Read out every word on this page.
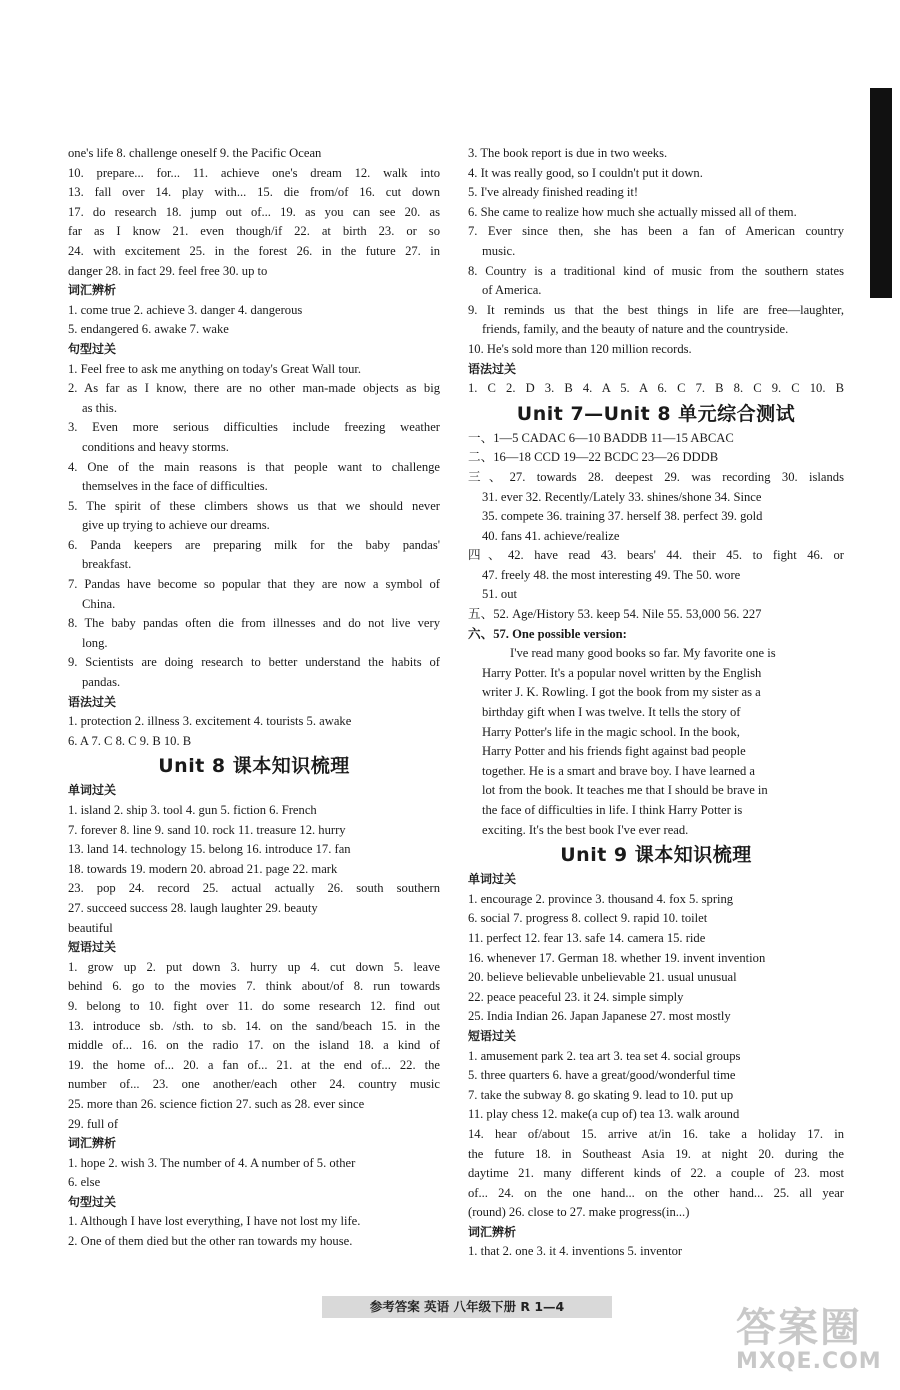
one's life 8. challenge oneself 9. the Pacific Ocean
10. prepare... for... 11. achieve one's dream 12. walk into
13. fall over 14. play with... 15. die from/of 16. cut down
17. do research 18. jump out of... 19. as you can see 20. as
far as I know 21. even though/if 22. at birth 23. or so
24. with excitement 25. in the forest 26. in the future 27. in
danger 28. in fact 29. feel free 30. up to
词汇辨析
1. come true 2. achieve 3. danger 4. dangerous
5. endangered 6. awake 7. wake
句型过关
1. Feel free to ask me anything on today's Great Wall tour.
2. As far as I know, there are no other man-made objects as big
as this.
3. Even more serious difficulties include freezing weather
conditions and heavy storms.
4. One of the main reasons is that people want to challenge
themselves in the face of difficulties.
5. The spirit of these climbers shows us that we should never
give up trying to achieve our dreams.
6. Panda keepers are preparing milk for the baby pandas'
breakfast.
7. Pandas have become so popular that they are now a symbol of
China.
8. The baby pandas often die from illnesses and do not live very
long.
9. Scientists are doing research to better understand the habits of
pandas.
语法过关
1. protection 2. illness 3. excitement 4. tourists 5. awake
6. A 7. C 8. C 9. B 10. B
Unit 8 课本知识梳理
单词过关
1. island 2. ship 3. tool 4. gun 5. fiction 6. French
7. forever 8. line 9. sand 10. rock 11. treasure 12. hurry
13. land 14. technology 15. belong 16. introduce 17. fan
18. towards 19. modern 20. abroad 21. page 22. mark
23. pop 24. record 25. actual actually 26. south southern
27. succeed success 28. laugh laughter 29. beauty
beautiful
短语过关
1. grow up 2. put down 3. hurry up 4. cut down 5. leave
behind 6. go to the movies 7. think about/of 8. run towards
9. belong to 10. fight over 11. do some research 12. find out
13. introduce sb. /sth. to sb. 14. on the sand/beach 15. in the
middle of... 16. on the radio 17. on the island 18. a kind of
19. the home of... 20. a fan of... 21. at the end of... 22. the
number of... 23. one another/each other 24. country music
25. more than 26. science fiction 27. such as 28. ever since
29. full of
词汇辨析
1. hope 2. wish 3. The number of 4. A number of 5. other
6. else
句型过关
1. Although I have lost everything, I have not lost my life.
2. One of them died but the other ran towards my house.
3. The book report is due in two weeks.
4. It was really good, so I couldn't put it down.
5. I've already finished reading it!
6. She came to realize how much she actually missed all of them.
7. Ever since then, she has been a fan of American country
music.
8. Country is a traditional kind of music from the southern states
of America.
9. It reminds us that the best things in life are free—laughter,
friends, family, and the beauty of nature and the countryside.
10. He's sold more than 120 million records.
语法过关
1. C 2. D 3. B 4. A 5. A 6. C 7. B 8. C 9. C 10. B
Unit 7—Unit 8 单元综合测试
一、1—5 CADAC 6—10 BADDB 11—15 ABCAC
二、16—18 CCD 19—22 BCDC 23—26 DDDB
三、27. towards 28. deepest 29. was recording 30. islands
31. ever 32. Recently/Lately 33. shines/shone 34. Since
35. compete 36. training 37. herself 38. perfect 39. gold
40. fans 41. achieve/realize
四、42. have read 43. bears' 44. their 45. to fight 46. or
47. freely 48. the most interesting 49. The 50. wore
51. out
五、52. Age/History 53. keep 54. Nile 55. 53,000 56. 227
六、57. One possible version:
I've read many good books so far. My favorite one is
Harry Potter. It's a popular novel written by the English
writer J. K. Rowling. I got the book from my sister as a
birthday gift when I was twelve. It tells the story of
Harry Potter's life in the magic school. In the book,
Harry Potter and his friends fight against bad people
together. He is a smart and brave boy. I have learned a
lot from the book. It teaches me that I should be brave in
the face of difficulties in life. I think Harry Potter is
exciting. It's the best book I've ever read.
Unit 9 课本知识梳理
单词过关
1. encourage 2. province 3. thousand 4. fox 5. spring
6. social 7. progress 8. collect 9. rapid 10. toilet
11. perfect 12. fear 13. safe 14. camera 15. ride
16. whenever 17. German 18. whether 19. invent invention
20. believe believable unbelievable 21. usual unusual
22. peace peaceful 23. it 24. simple simply
25. India Indian 26. Japan Japanese 27. most mostly
短语过关
1. amusement park 2. tea art 3. tea set 4. social groups
5. three quarters 6. have a great/good/wonderful time
7. take the subway 8. go skating 9. lead to 10. put up
11. play chess 12. make(a cup of) tea 13. walk around
14. hear of/about 15. arrive at/in 16. take a holiday 17. in
the future 18. in Southeast Asia 19. at night 20. during the
daytime 21. many different kinds of 22. a couple of 23. most
of... 24. on the one hand... on the other hand... 25. all year
(round) 26. close to 27. make progress(in...)
词汇辨析
1. that 2. one 3. it 4. inventions 5. inventor
参考答案 英语 八年级下册 R 1—4	答案圈
MXQE.COM
